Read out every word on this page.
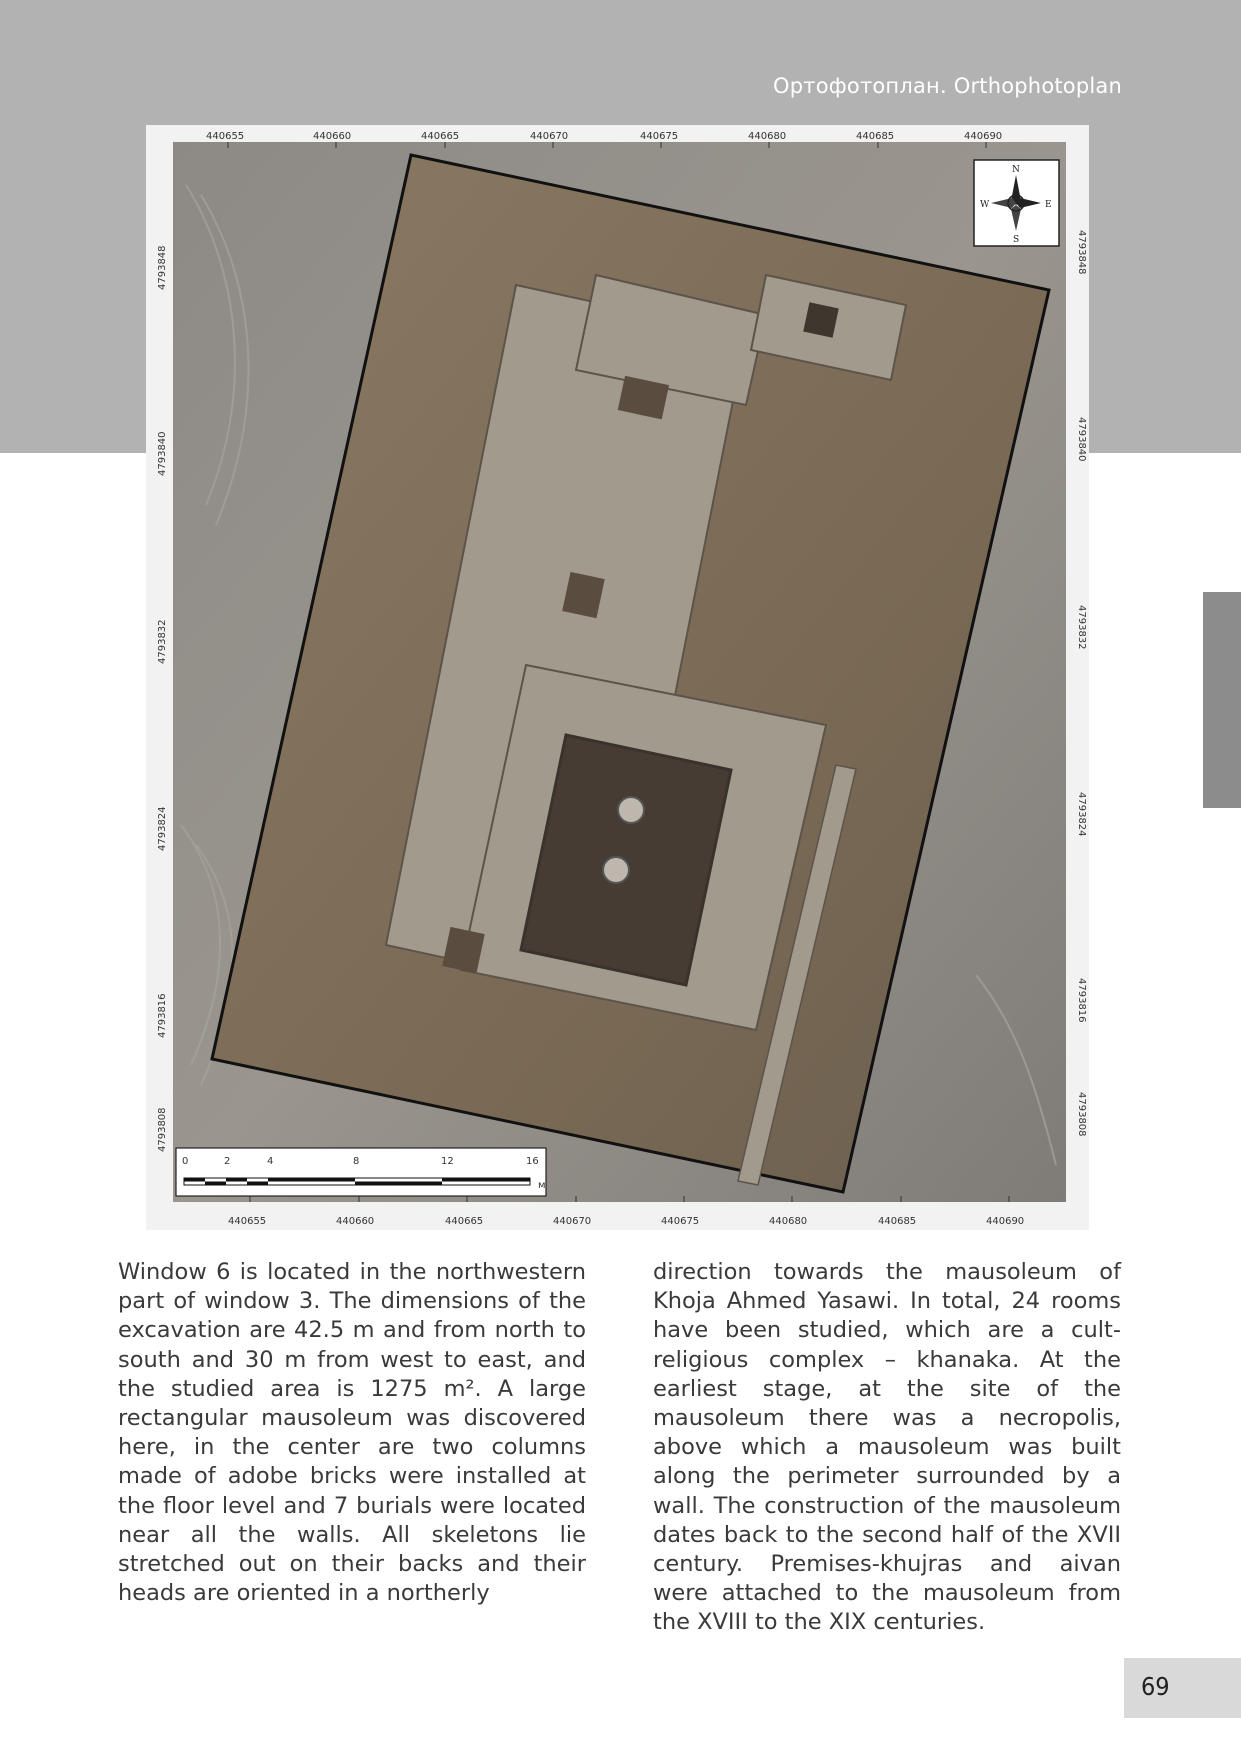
Ортофотоплан. Orthophotoplan
440655	440660	440665	440670	440675	440680	440685	440690
440655	440660	440665	440670	440675	440680	440685	440690
4793848
4793840
4793832
4793824
4793816
4793808
4793848
4793840
4793832
4793824
4793816
4793808
N
S
W	E
0	2	4	8	12	16
м
Window 6 is located in the northwestern part of window 3. The dimensions of the excavation are 42.5 m and from north to south and 30 m from west to east, and the studied area is 1275 m². A large rectangular mausoleum was discovered here, in the center are two columns made of adobe bricks were installed at the floor level and 7 burials were located near all the walls. All skeletons lie stretched out on their backs and their heads are oriented in a northerly
direction towards the mausoleum of Khoja Ahmed Yasawi. In total, 24 rooms have been studied, which are a cult-religious complex – khanaka. At the earliest stage, at the site of the mausoleum there was a necropolis, above which a mausoleum was built along the perimeter surrounded by a wall. The construction of the mausoleum dates back to the second half of the XVII century. Premises-khujras and aivan were attached to the mausoleum from the XVIII to the XIX centuries.
69
